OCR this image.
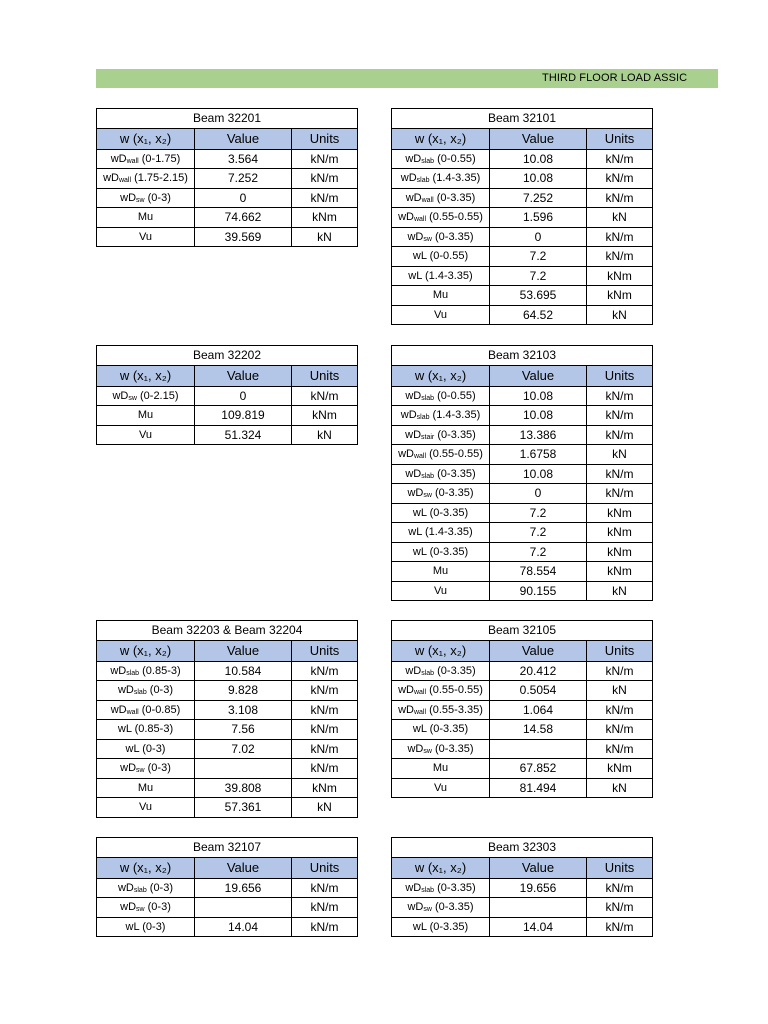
THIRD FLOOR LOAD ASSIC
Beam 32201		
w (x₁, x₂)	Value	Units
$wD_{wall}$ (0-1.75)	3.564	kN/m
$wD_{wall}$ (1.75-2.15)	7.252	kN/m
$wD_{sw}$ (0-3)	0	kN/m
Mu	74.662	kNm
Vu	39.569	kN
Beam 32101		
w (x₁, x₂)	Value	Units
$wD_{slab}$ (0-0.55)	10.08	kN/m
$wD_{slab}$ (1.4-3.35)	10.08	kN/m
$wD_{wall}$ (0-3.35)	7.252	kN/m
$wD_{wall}$ (0.55-0.55)	1.596	kN
$wD_{sw}$ (0-3.35)	0	kN/m
wL (0-0.55)	7.2	kN/m
wL (1.4-3.35)	7.2	kNm
Mu	53.695	kNm
Vu	64.52	kN
Beam 32202		
w (x₁, x₂)	Value	Units
$wD_{sw}$ (0-2.15)	0	kN/m
Mu	109.819	kNm
Vu	51.324	kN
Beam 32103		
w (x₁, x₂)	Value	Units
$wD_{slab}$ (0-0.55)	10.08	kN/m
$wD_{slab}$ (1.4-3.35)	10.08	kN/m
$wD_{stair}$ (0-3.35)	13.386	kN/m
$wD_{wall}$ (0.55-0.55)	1.6758	kN
$wD_{slab}$ (0-3.35)	10.08	kN/m
$wD_{sw}$ (0-3.35)	0	kN/m
wL (0-3.35)	7.2	kNm
wL (1.4-3.35)	7.2	kNm
wL (0-3.35)	7.2	kNm
Mu	78.554	kNm
Vu	90.155	kN
Beam 32203 & Beam 32204		
w (x₁, x₂)	Value	Units
$wD_{slab}$ (0.85-3)	10.584	kN/m
$wD_{slab}$ (0-3)	9.828	kN/m
$wD_{wall}$ (0-0.85)	3.108	kN/m
wL (0.85-3)	7.56	kN/m
wL (0-3)	7.02	kN/m
$wD_{sw}$ (0-3)		kN/m
Mu	39.808	kNm
Vu	57.361	kN
Beam 32105		
w (x₁, x₂)	Value	Units
$wD_{slab}$ (0-3.35)	20.412	kN/m
$wD_{wall}$ (0.55-0.55)	0.5054	kN
$wD_{wall}$ (0.55-3.35)	1.064	kN/m
wL (0-3.35)	14.58	kN/m
$wD_{sw}$ (0-3.35)		kN/m
Mu	67.852	kNm
Vu	81.494	kN
Beam 32107		
w (x₁, x₂)	Value	Units
$wD_{slab}$ (0-3)	19.656	kN/m
$wD_{sw}$ (0-3)		kN/m
wL (0-3)	14.04	kN/m
Beam 32303		
w (x₁, x₂)	Value	Units
$wD_{slab}$ (0-3.35)	19.656	kN/m
$wD_{sw}$ (0-3.35)		kN/m
wL (0-3.35)	14.04	kN/m
